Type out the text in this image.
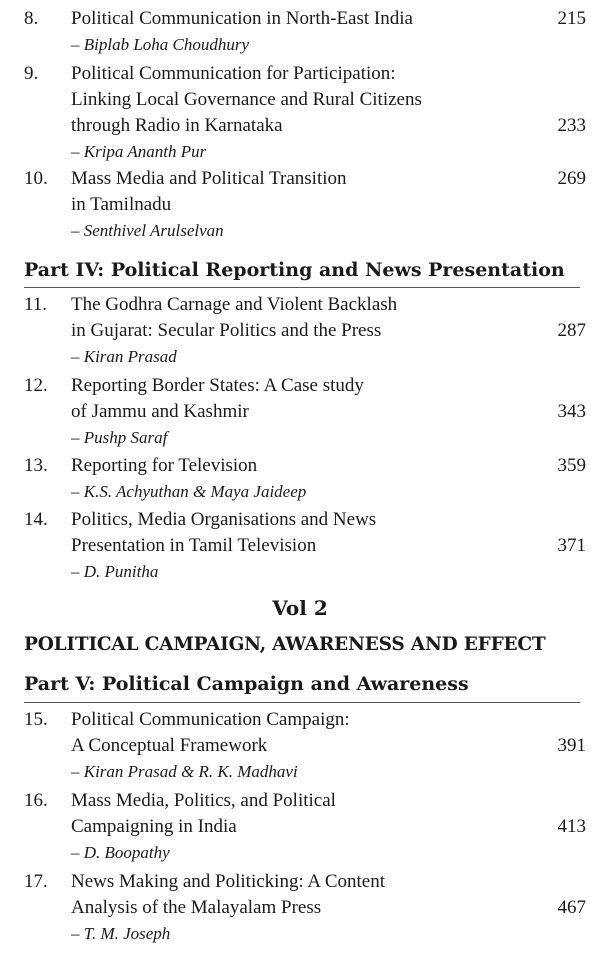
8. Political Communication in North-East India
– Biplab Loha Choudhury
215
9. Political Communication for Participation:
Linking Local Governance and Rural Citizens
through Radio in Karnataka
– Kripa Ananth Pur
233
10. Mass Media and Political Transition
in Tamilnadu
– Senthivel Arulselvan
269
Part IV: Political Reporting and News Presentation
11. The Godhra Carnage and Violent Backlash
in Gujarat: Secular Politics and the Press
– Kiran Prasad
287
12. Reporting Border States: A Case study
of Jammu and Kashmir
– Pushp Saraf
343
13. Reporting for Television
– K.S. Achyuthan & Maya Jaideep
359
14. Politics, Media Organisations and News
Presentation in Tamil Television
– D. Punitha
371
Vol 2
POLITICAL CAMPAIGN, AWARENESS AND EFFECT
Part V: Political Campaign and Awareness
15. Political Communication Campaign:
A Conceptual Framework
– Kiran Prasad & R. K. Madhavi
391
16. Mass Media, Politics, and Political
Campaigning in India
– D. Boopathy
413
17. News Making and Politicking: A Content
Analysis of the Malayalam Press
– T. M. Joseph
467
